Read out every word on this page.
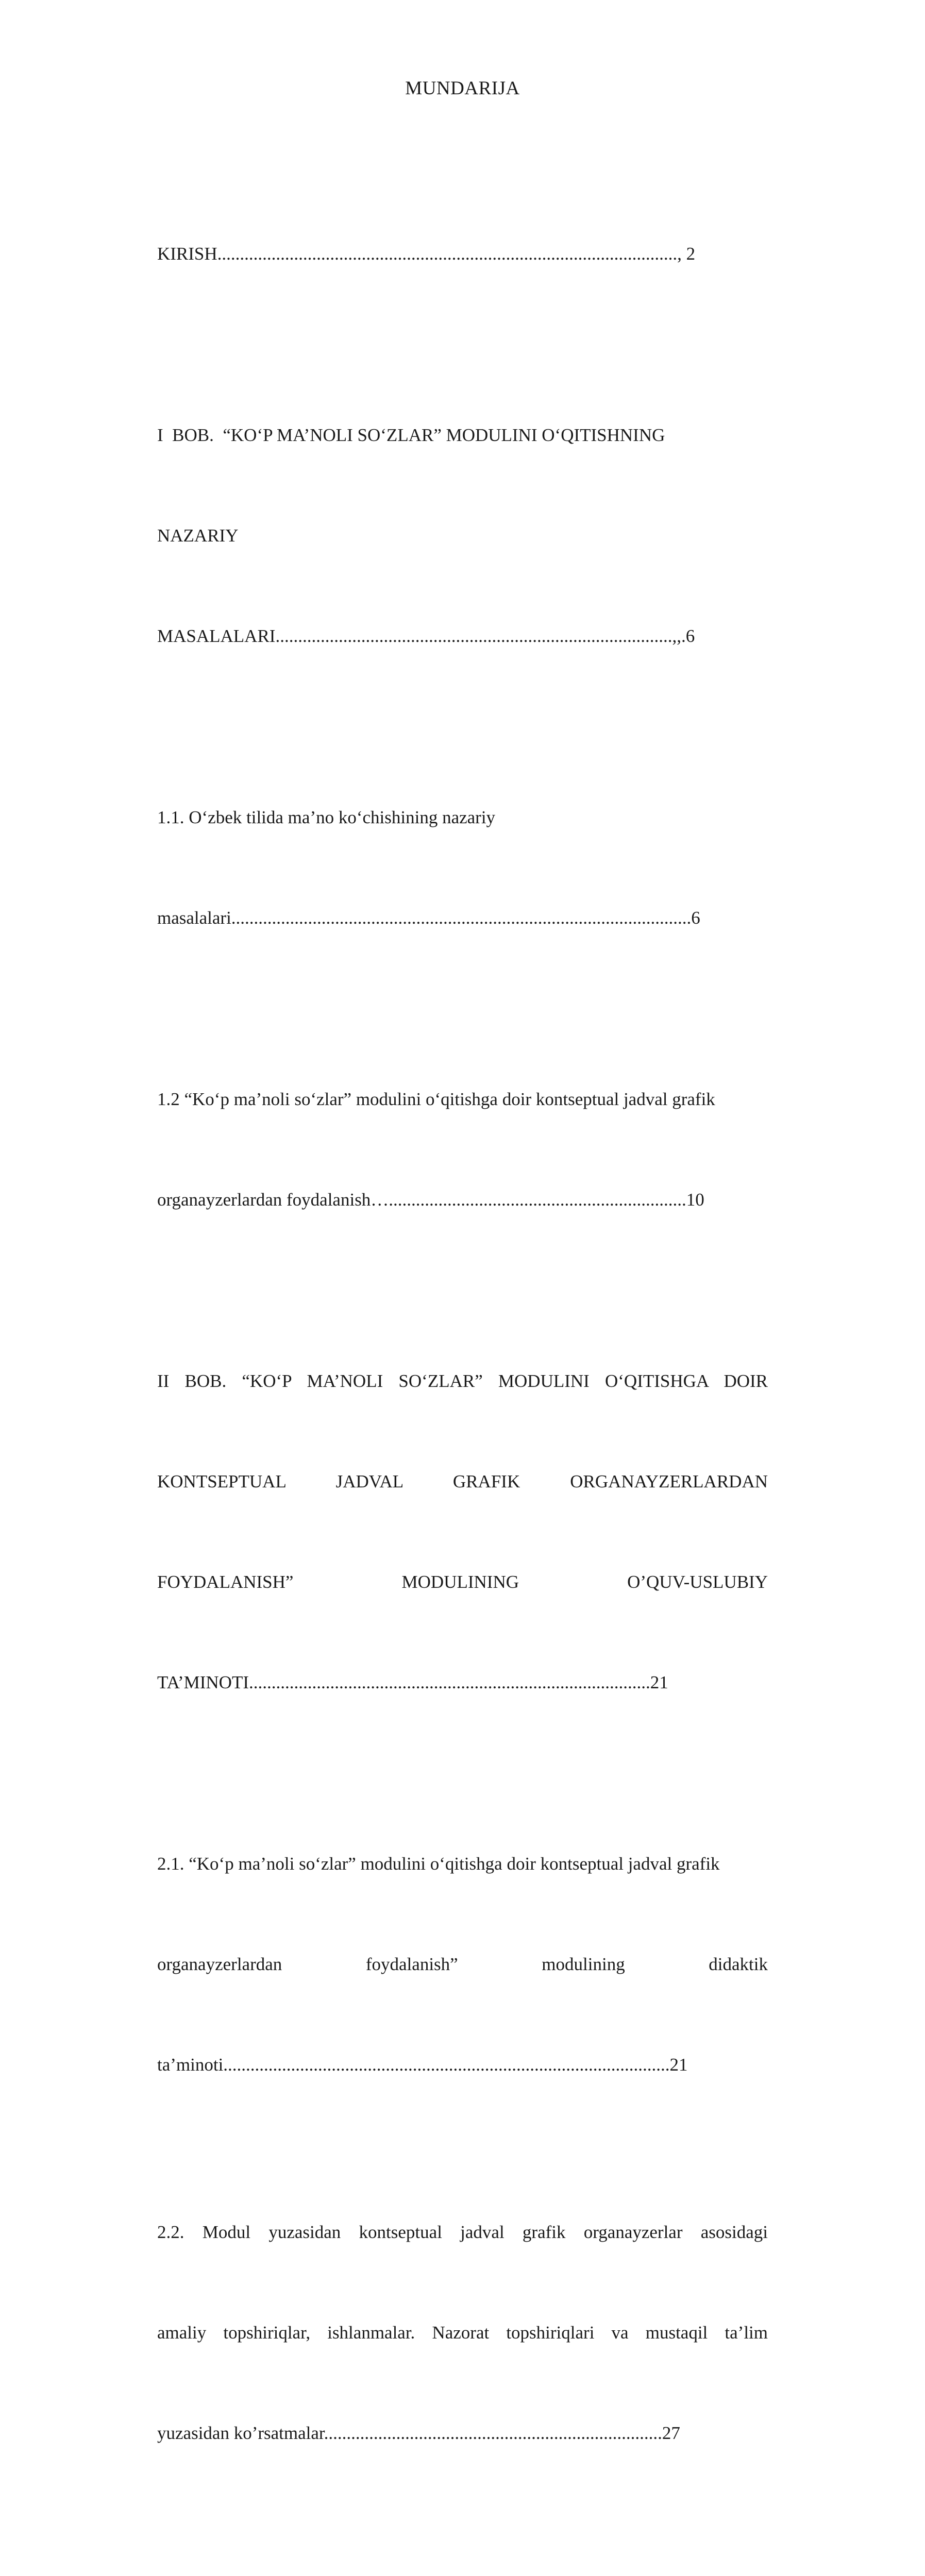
MUNDARIJA

KIRISH......................................................................................................, 2

I  BOB.  “KO‘P MA’NOLI SO‘ZLAR” MODULINI O‘QITISHNING

NAZARIY

MASALALARI........................................................................................,,.6

1.1. O‘zbek tilida ma’no ko‘chishining nazariy

masalalari......................................................................................................6

1.2 “Ko‘p ma’noli so‘zlar” modulini o‘qitishga doir kontseptual jadval grafik

organayzerlardan foydalanish…..................................................................10

II BOB. “KO‘P MA’NOLI SO‘ZLAR” MODULINI O‘QITISHGA DOIR

KONTSEPTUAL JADVAL GRAFIK ORGANAYZERLARDAN

FOYDALANISH” MODULINING O’QUV-USLUBIY

TA’MINOTI.........................................................................................21

2.1. “Ko‘p ma’noli so‘zlar” modulini o‘qitishga doir kontseptual jadval grafik

organayzerlardan foydalanish” modulining didaktik

ta’minoti...................................................................................................21

2.2. Modul yuzasidan kontseptual jadval grafik organayzerlar asosidagi

amaliy topshiriqlar, ishlanmalar. Nazorat topshiriqlari va mustaqil ta’lim

yuzasidan ko’rsatmalar...........................................................................27
